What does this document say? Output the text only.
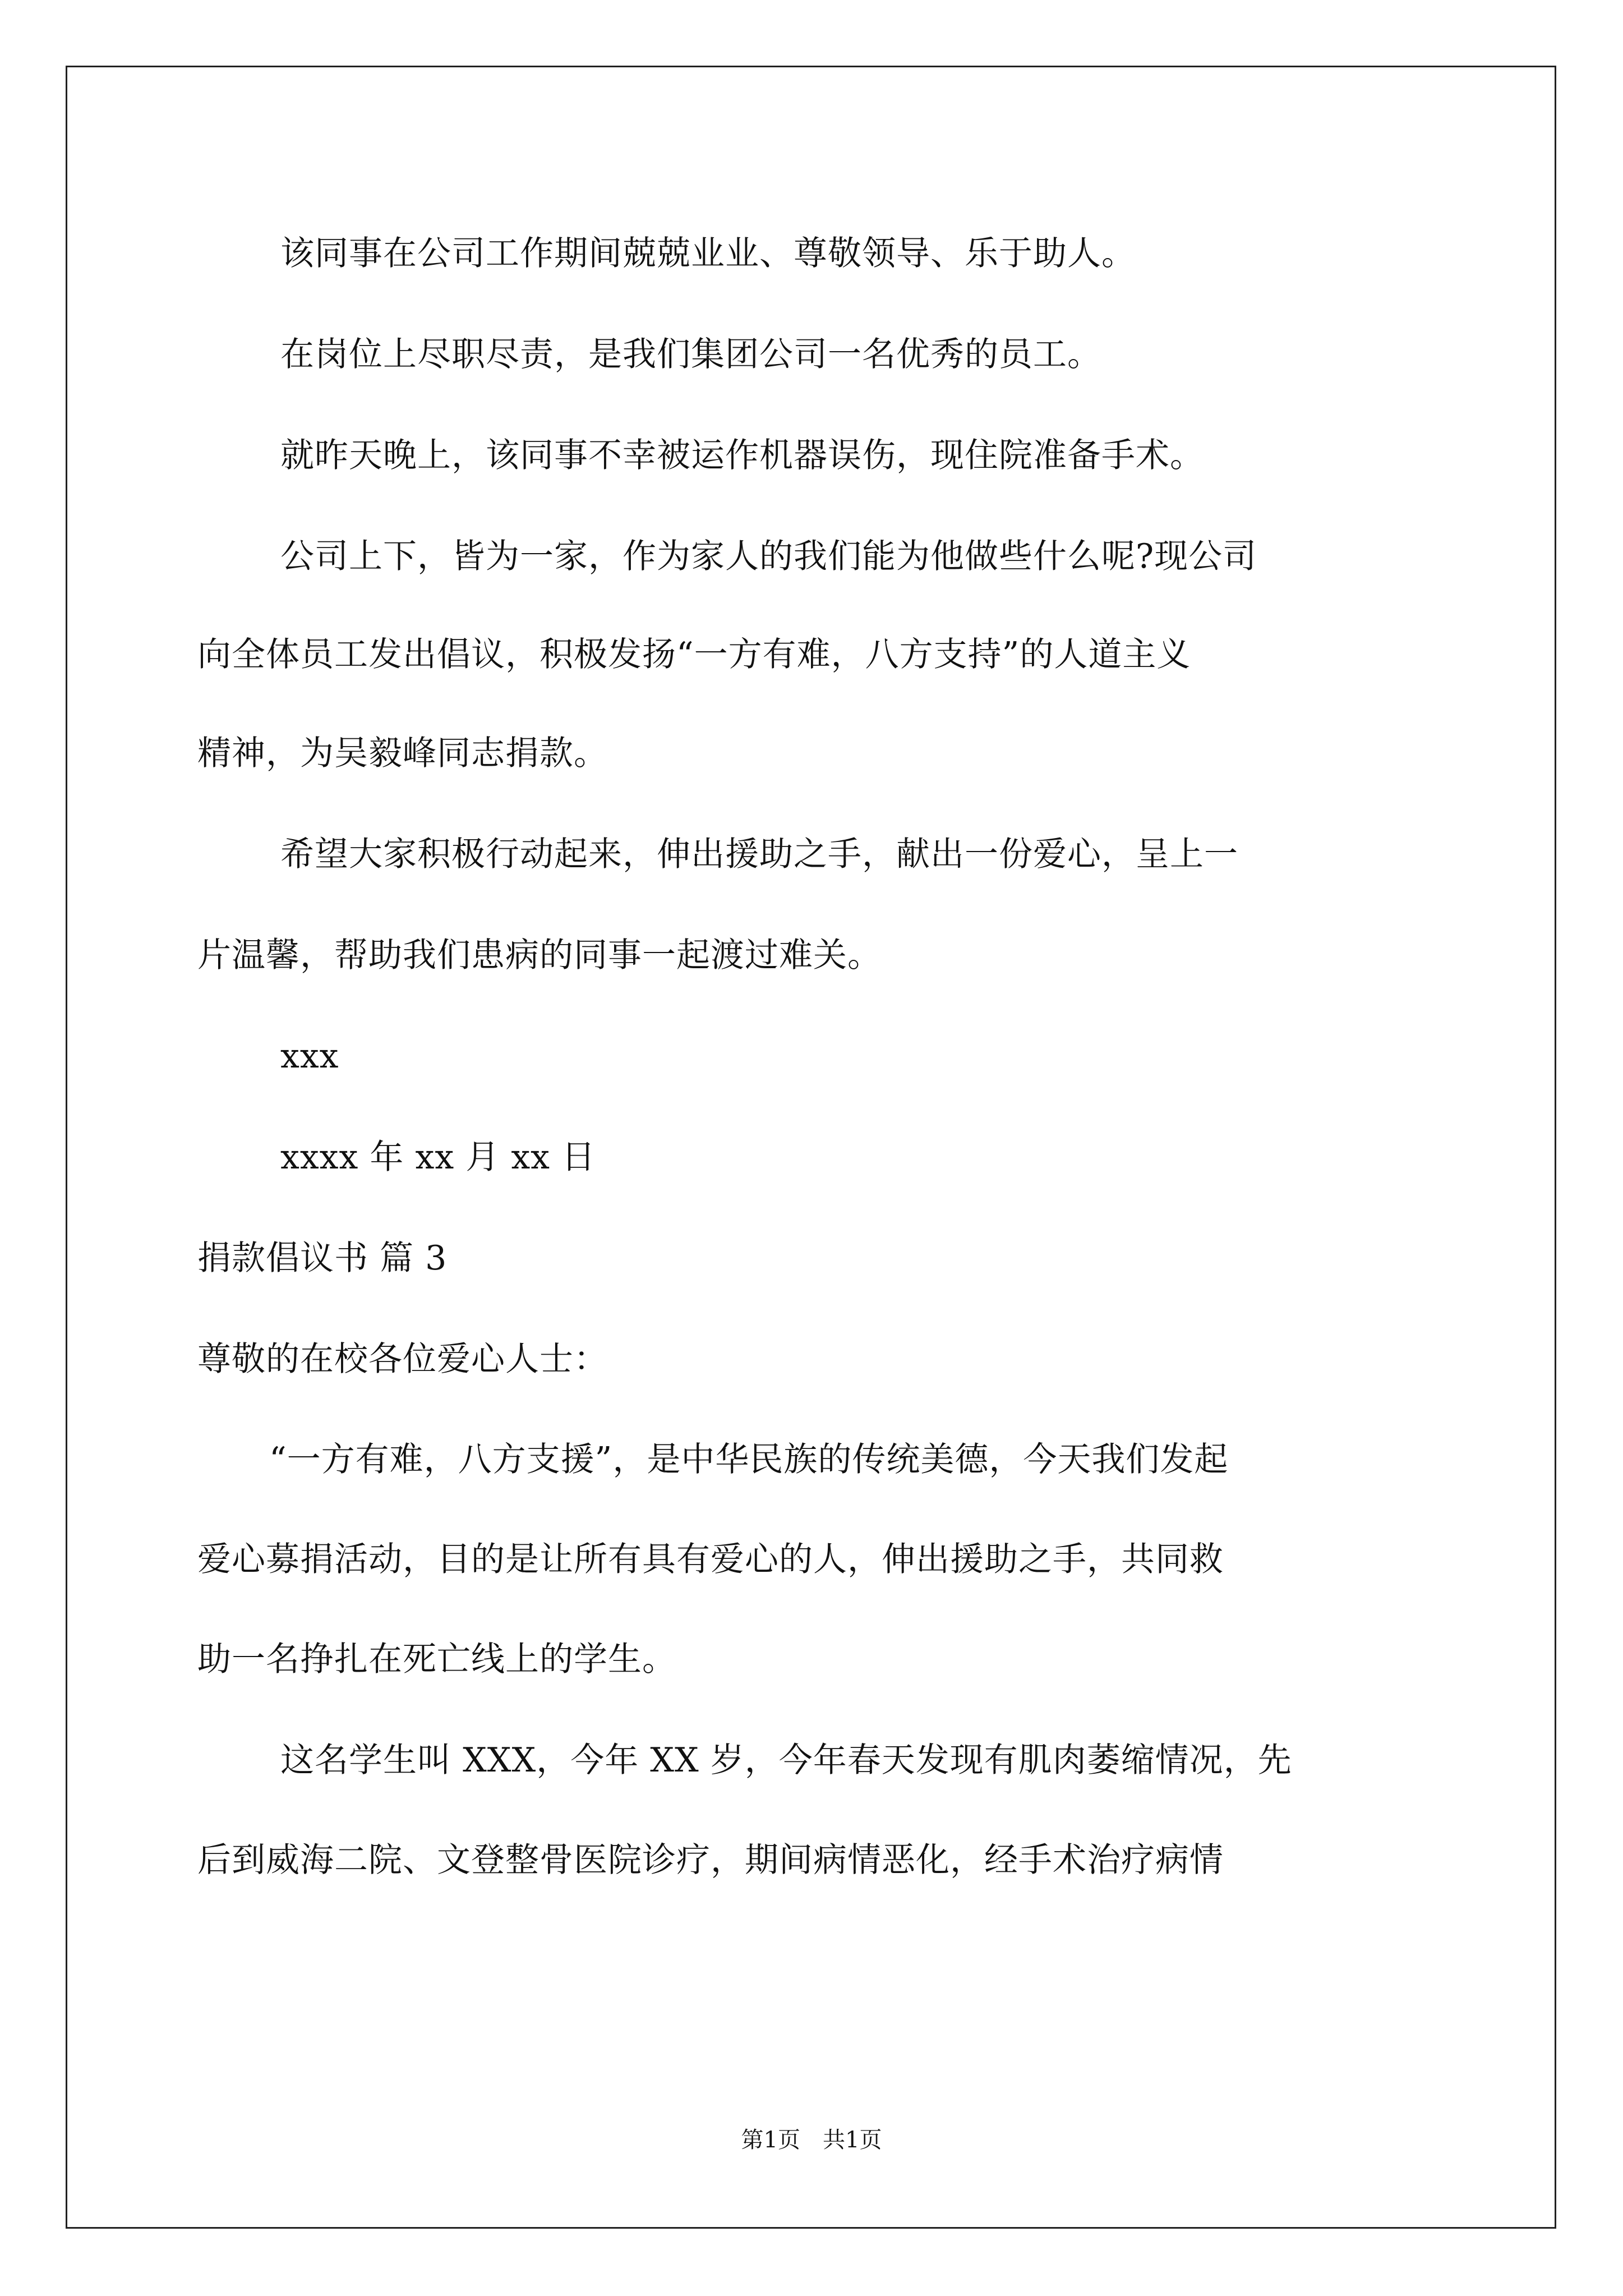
该同事在公司工作期间兢兢业业、尊敬领导、乐于助人。
在岗位上尽职尽责，是我们集团公司一名优秀的员工。
就昨天晚上，该同事不幸被运作机器误伤，现住院准备手术。
公司上下，皆为一家，作为家人的我们能为他做些什么呢?现公司
向全体员工发出倡议，积极发扬“一方有难，八方支持”的人道主义
精神，为吴毅峰同志捐款。
希望大家积极行动起来，伸出援助之手，献出一份爱心，呈上一
片温馨，帮助我们患病的同事一起渡过难关。
xxx
xxxx 年 xx 月 xx 日
捐款倡议书 篇 3
尊敬的在校各位爱心人士：
“一方有难，八方支援”，是中华民族的传统美德，今天我们发起
爱心募捐活动，目的是让所有具有爱心的人，伸出援助之手，共同救
助一名挣扎在死亡线上的学生。
这名学生叫 XXX，今年 XX 岁，今年春天发现有肌肉萎缩情况，先
后到威海二院、文登整骨医院诊疗，期间病情恶化，经手术治疗病情
第1页 共1页
